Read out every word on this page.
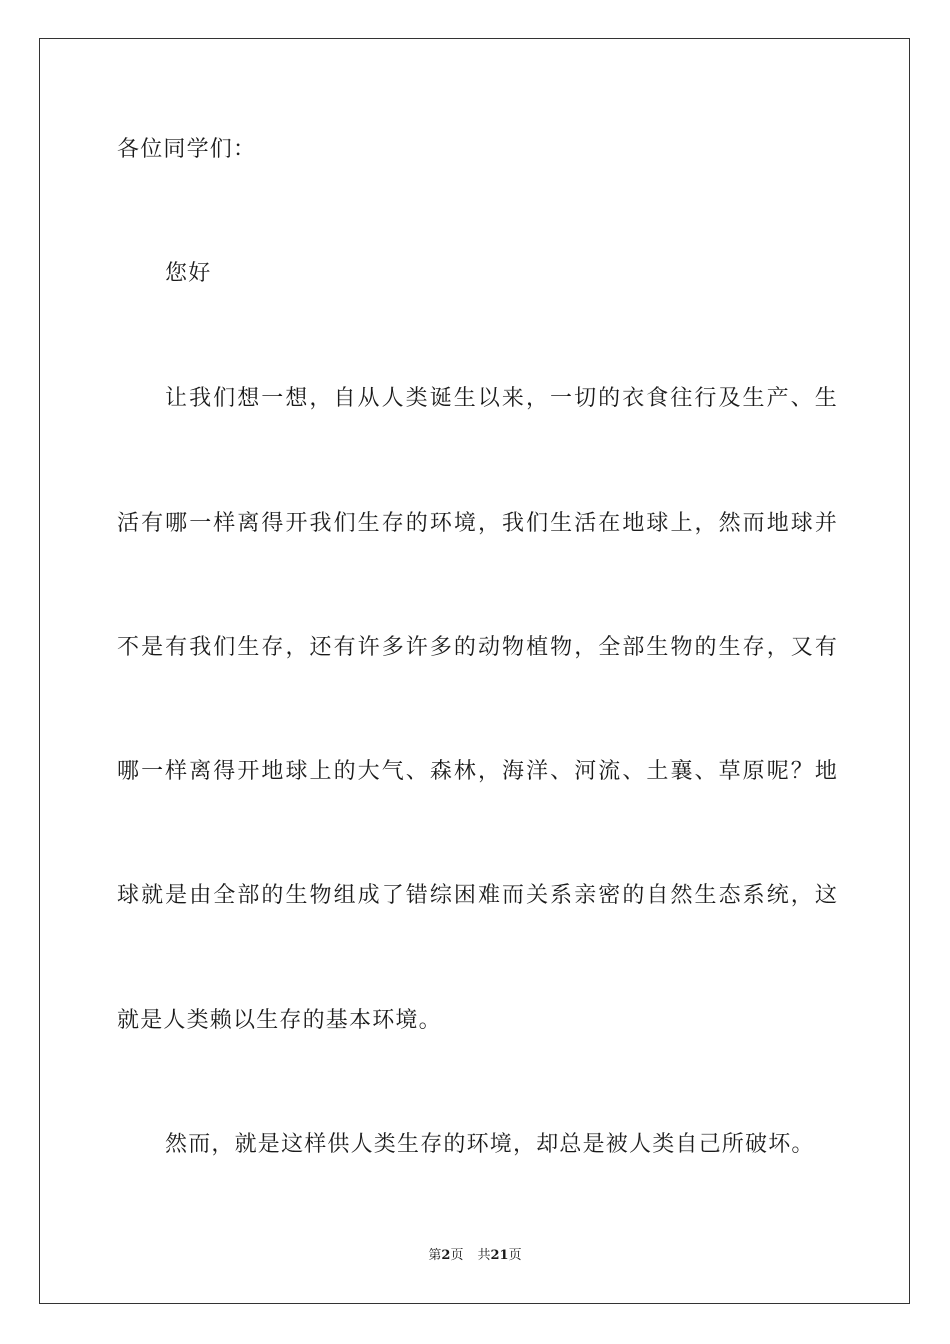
各位同学们：
您好
让 我 们 想 一 想 ， 自 从 人 类 诞 生 以 来 ， 一 切 的 衣 食 往 行 及 生 产 、 生
活 有 哪 一 样 离 得 开 我 们 生 存 的 环 境 ， 我 们 生 活 在 地 球 上 ， 然 而 地 球 并
不 是 有 我 们 生 存 ， 还 有 许 多 许 多 的 动 物 植 物 ， 全 部 生 物 的 生 存 ， 又 有
哪 一 样 离 得 开 地 球 上 的 大 气 、 森 林 ， 海 洋 、 河 流 、 土 襄 、 草 原 呢 ？ 地
球 就 是 由 全 部 的 生 物 组 成 了 错 综 困 难 而 关 系 亲 密 的 自 然 生 态 系 统 ， 这
就是人类赖以生存的基本环境。
然而，就是这样供人类生存的环境，却总是被人类自己所破坏。
第2页 共21页
